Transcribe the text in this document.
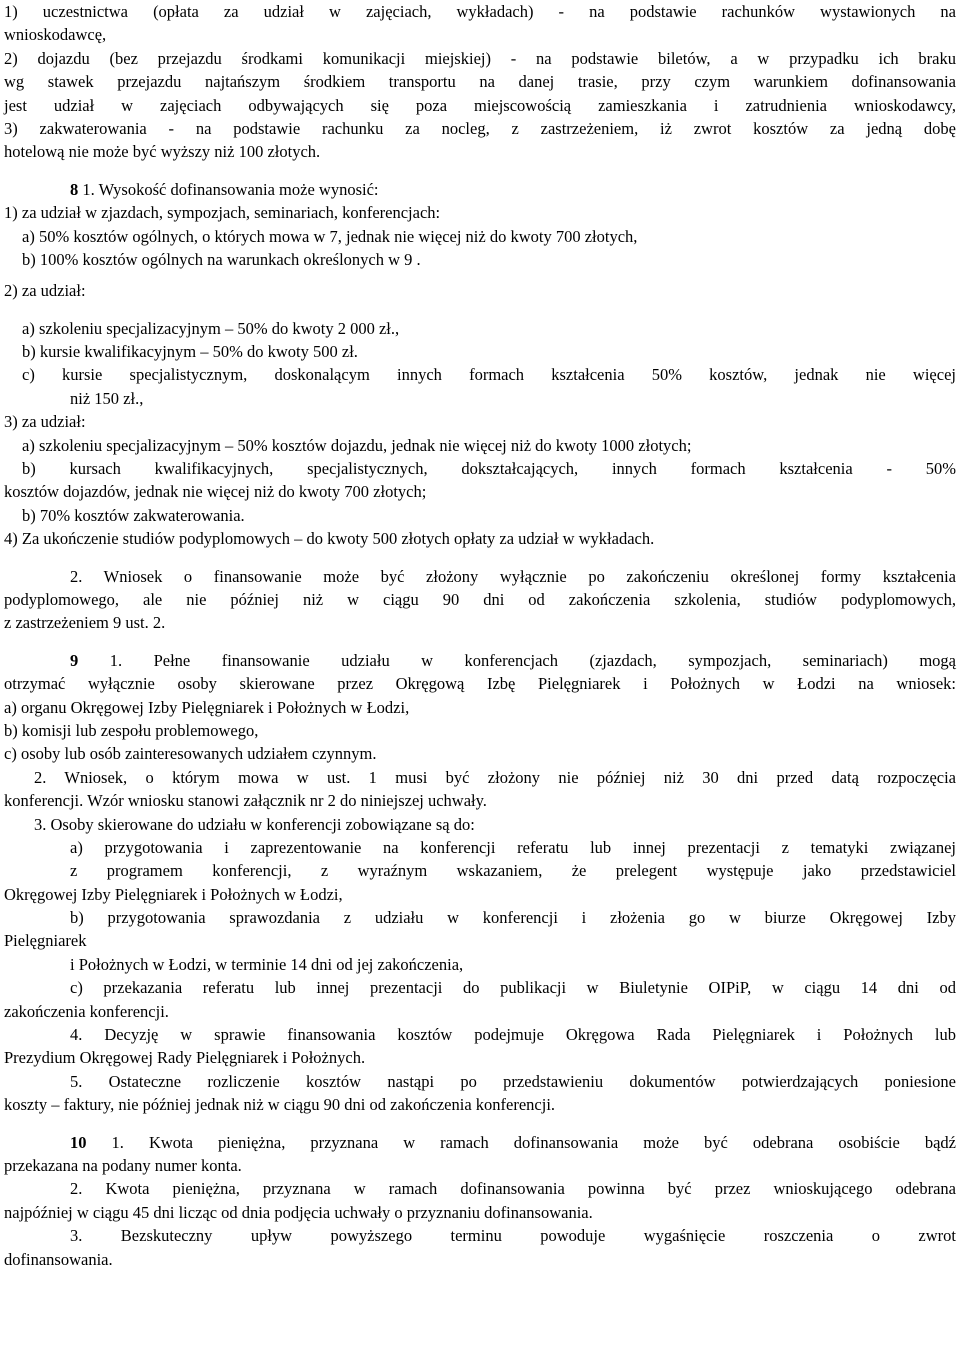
1) uczestnictwa (opłata za udział w zajęciach, wykładach) - na podstawie rachunków wystawionych na
wnioskodawcę,
2) dojazdu (bez przejazdu środkami komunikacji miejskiej) - na podstawie biletów, a w przypadku ich braku
wg stawek przejazdu najtańszym środkiem transportu na danej trasie, przy czym warunkiem dofinansowania
jest udział w zajęciach odbywających się poza miejscowością zamieszkania i zatrudnienia wnioskodawcy,
3) zakwaterowania - na podstawie rachunku za nocleg, z zastrzeżeniem, iż zwrot kosztów za jedną dobę
hotelową nie może być wyższy niż 100 złotych.
8 1. Wysokość dofinansowania może wynosić:
1) za udział w zjazdach, sympozjach, seminariach, konferencjach:
a) 50% kosztów ogólnych, o których mowa w 7, jednak nie więcej niż do kwoty 700 złotych,
b) 100% kosztów ogólnych na warunkach określonych w 9 .
2) za udział:
a) szkoleniu specjalizacyjnym – 50% do kwoty 2 000 zł.,
b) kursie kwalifikacyjnym – 50% do kwoty 500 zł.
c) kursie specjalistycznym, doskonalącym innych formach kształcenia 50% kosztów, jednak nie więcej
niż 150 zł.,
3) za udział:
a) szkoleniu specjalizacyjnym – 50% kosztów dojazdu, jednak nie więcej niż do kwoty 1000 złotych;
b) kursach kwalifikacyjnych, specjalistycznych, dokształcających, innych formach kształcenia - 50%
kosztów dojazdów, jednak nie więcej niż do kwoty 700 złotych;
b) 70% kosztów zakwaterowania.
4) Za ukończenie studiów podyplomowych – do kwoty 500 złotych opłaty za udział w wykładach.
2. Wniosek o finansowanie może być złożony wyłącznie po zakończeniu określonej formy kształcenia
podyplomowego, ale nie później niż w ciągu 90 dni od zakończenia szkolenia, studiów podyplomowych,
z zastrzeżeniem 9 ust. 2.
9 1. Pełne finansowanie udziału w konferencjach (zjazdach, sympozjach, seminariach) mogą
otrzymać wyłącznie osoby skierowane przez Okręgową Izbę Pielęgniarek i Położnych w Łodzi na wniosek:
a) organu Okręgowej Izby Pielęgniarek i Położnych w Łodzi,
b) komisji lub zespołu problemowego,
c) osoby lub osób zainteresowanych udziałem czynnym.
2. Wniosek, o którym mowa w ust. 1 musi być złożony nie później niż 30 dni przed datą rozpoczęcia
konferencji. Wzór wniosku stanowi załącznik nr 2 do niniejszej uchwały.
3. Osoby skierowane do udziału w konferencji zobowiązane są do:
a) przygotowania i zaprezentowanie na konferencji referatu lub innej prezentacji z tematyki związanej
z programem konferencji, z wyraźnym wskazaniem, że prelegent występuje jako przedstawiciel
Okręgowej Izby Pielęgniarek i Położnych w Łodzi,
b) przygotowania sprawozdania z udziału w konferencji i złożenia go w biurze Okręgowej Izby
Pielęgniarek
i Położnych w Łodzi, w terminie 14 dni od jej zakończenia,
c) przekazania referatu lub innej prezentacji do publikacji w Biuletynie OIPiP, w ciągu 14 dni od
zakończenia konferencji.
4. Decyzję w sprawie finansowania kosztów podejmuje Okręgowa Rada Pielęgniarek i Położnych lub
Prezydium Okręgowej Rady Pielęgniarek i Położnych.
5. Ostateczne rozliczenie kosztów nastąpi po przedstawieniu dokumentów potwierdzających poniesione
koszty – faktury, nie później jednak niż w ciągu 90 dni od zakończenia konferencji.
10 1. Kwota pieniężna, przyznana w ramach dofinansowania może być odebrana osobiście bądź
przekazana na podany numer konta.
2. Kwota pieniężna, przyznana w ramach dofinansowania powinna być przez wnioskującego odebrana
najpóźniej w ciągu 45 dni licząc od dnia podjęcia uchwały o przyznaniu dofinansowania.
3. Bezskuteczny upływ powyższego terminu powoduje wygaśnięcie roszczenia o zwrot
dofinansowania.
